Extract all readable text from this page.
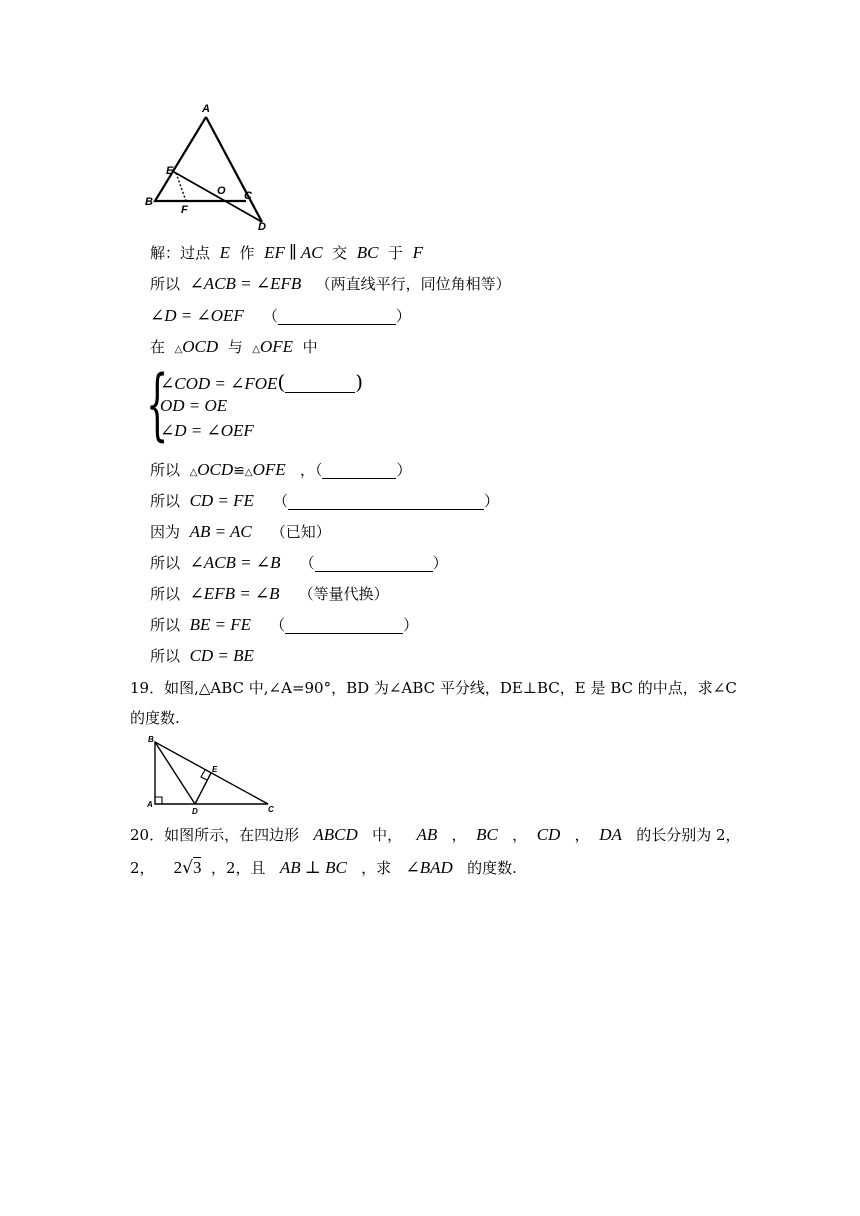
A
B	C
D
E
F
O
解：过点 E 作 EF ∥ AC 交 BC 于 F
所以 ∠ACB = ∠EFB （两直线平行，同位角相等）
∠D = ∠OEF （	）
在 △OCD 与 △OFE 中
{
∠COD = ∠FOE(	)
OD = OE
∠D = ∠OEF
所以 △OCD≌△OFE ，（	）
所以 CD = FE （	）
因为 AB = AC （已知）
所以 ∠ACB = ∠B （	）
所以 ∠EFB = ∠B （等量代换）
所以 BE = FE （	）
所以 CD = BE
19．如图,△ABC 中,∠A=90°，BD 为∠ABC 平分线，DE⊥BC，E 是 BC 的中点，求∠C
的度数.
B
A
D	C
E
20．如图所示，在四边形 ABCD 中， AB ， BC ， CD ， DA 的长分别为 2，
2， 2√3 ，2，且 AB ⊥ BC ，求 ∠BAD 的度数.
